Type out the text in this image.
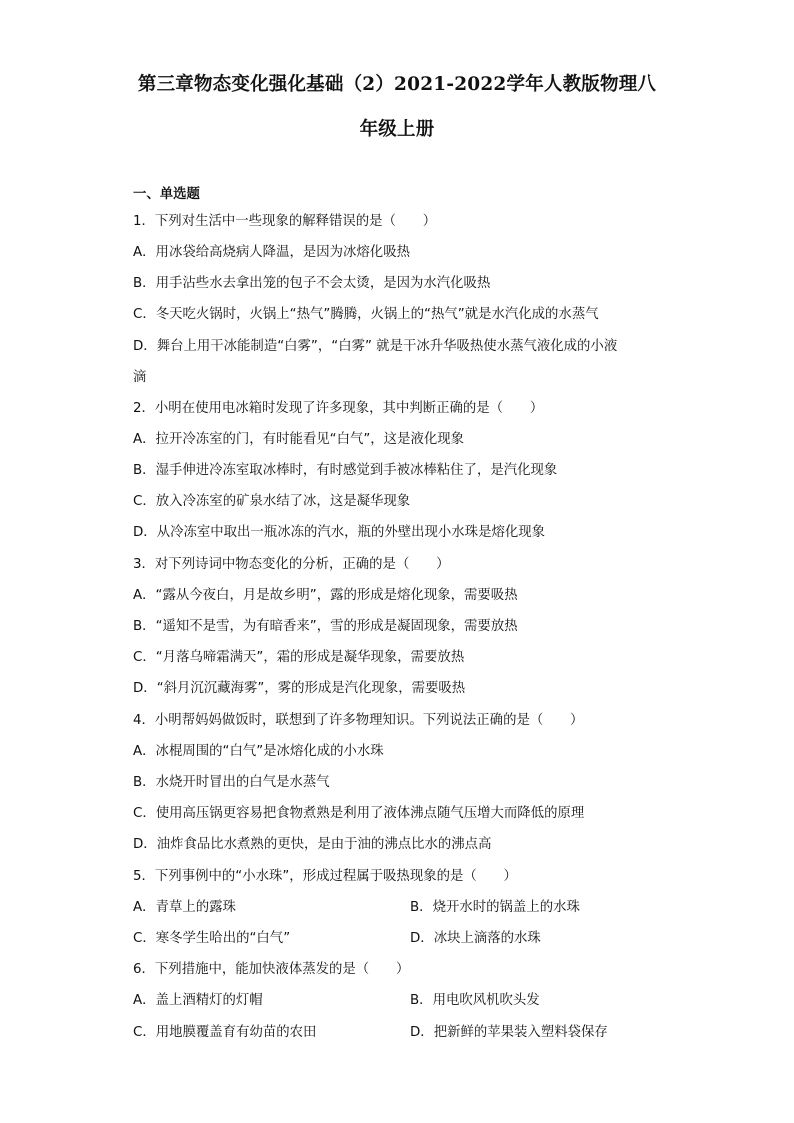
第三章物态变化强化基础（2）2021-2022学年人教版物理八
年级上册
一、单选题
1．下列对生活中一些现象的解释错误的是（　　）
A．用冰袋给高烧病人降温，是因为冰熔化吸热
B．用手沾些水去拿出笼的包子不会太烫，是因为水汽化吸热
C．冬天吃火锅时，火锅上“热气”腾腾，火锅上的“热气”就是水汽化成的水蒸气
D．舞台上用干冰能制造“白雾”，“白雾” 就是干冰升华吸热使水蒸气液化成的小液
滴
2．小明在使用电冰箱时发现了许多现象，其中判断正确的是（　　）
A．拉开冷冻室的门，有时能看见“白气”，这是液化现象
B．湿手伸进冷冻室取冰棒时，有时感觉到手被冰棒粘住了，是汽化现象
C．放入冷冻室的矿泉水结了冰，这是凝华现象
D．从冷冻室中取出一瓶冰冻的汽水，瓶的外壁出现小水珠是熔化现象
3．对下列诗词中物态变化的分析，正确的是（　　）
A．“露从今夜白，月是故乡明”，露的形成是熔化现象，需要吸热
B．“遥知不是雪，为有暗香来”，雪的形成是凝固现象，需要放热
C．“月落乌啼霜满天”，霜的形成是凝华现象，需要放热
D．“斜月沉沉藏海雾”，雾的形成是汽化现象，需要吸热
4．小明帮妈妈做饭时，联想到了许多物理知识。下列说法正确的是（　　）
A．冰棍周围的“白气”是冰熔化成的小水珠
B．水烧开时冒出的白气是水蒸气
C．使用高压锅更容易把食物煮熟是利用了液体沸点随气压增大而降低的原理
D．油炸食品比水煮熟的更快，是由于油的沸点比水的沸点高
5．下列事例中的“小水珠”，形成过程属于吸热现象的是（　　）
A．青草上的露珠	B．烧开水时的锅盖上的水珠
C．寒冬学生哈出的“白气”	D．冰块上滴落的水珠
6．下列措施中，能加快液体蒸发的是（　　）
A．盖上酒精灯的灯帽	B．用电吹风机吹头发
C．用地膜覆盖育有幼苗的农田	D．把新鲜的苹果装入塑料袋保存
